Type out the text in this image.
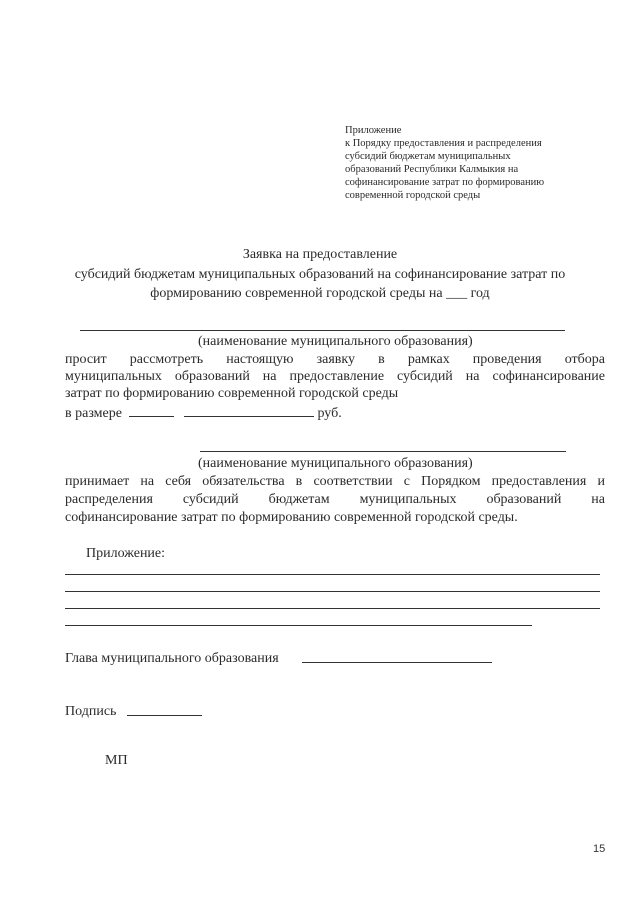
Приложение
к Порядку предоставления и распределения
субсидий бюджетам муниципальных
образований Республики Калмыкия на
софинансирование затрат по формированию
современной городской среды
Заявка на предоставление
субсидий бюджетам муниципальных образований на софинансирование затрат по
формированию современной городской среды на ___ год
(наименование муниципального образования)
просит рассмотреть настоящую заявку в рамках проведения отбора
муниципальных образований на предоставление субсидий на софинансирование
затрат по формированию современной городской среды
в размере	руб.
(наименование муниципального образования)
принимает на себя обязательства в соответствии с Порядком предоставления и
распределения субсидий бюджетам муниципальных образований на
софинансирование затрат по формированию современной городской среды.
Приложение:
Глава муниципального образования
Подпись
МП
15
